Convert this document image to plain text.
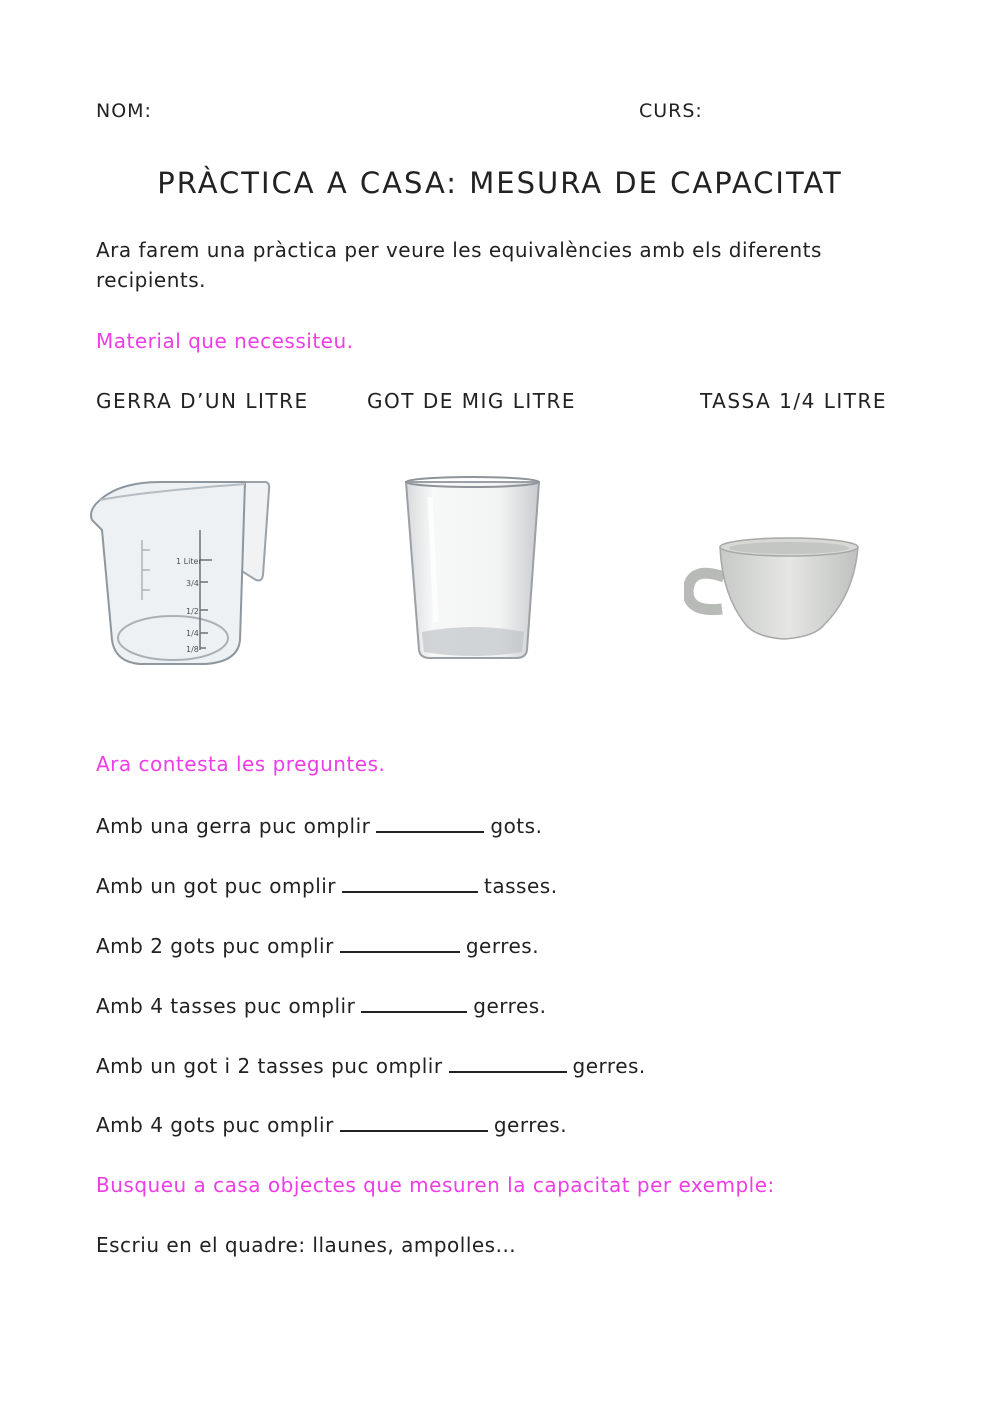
NOM:	CURS:
PRÀCTICA A CASA: MESURA DE CAPACITAT
Ara farem una pràctica per veure les equivalències amb els diferents
recipients.
Material que necessiteu.
GERRA D’UN LITRE	GOT DE MIG LITRE	TASSA 1/4 LITRE
1 Liter
3/4
1/2
1/4
1/8
Ara contesta les preguntes.
Amb una gerra puc omplir	gots.
Amb un got puc omplir	tasses.
Amb 2 gots puc omplir	gerres.
Amb 4 tasses puc omplir	gerres.
Amb un got i 2 tasses puc omplir	gerres.
Amb 4 gots puc omplir	gerres.
Busqueu a casa objectes que mesuren la capacitat per exemple:
Escriu en el quadre: llaunes, ampolles...
